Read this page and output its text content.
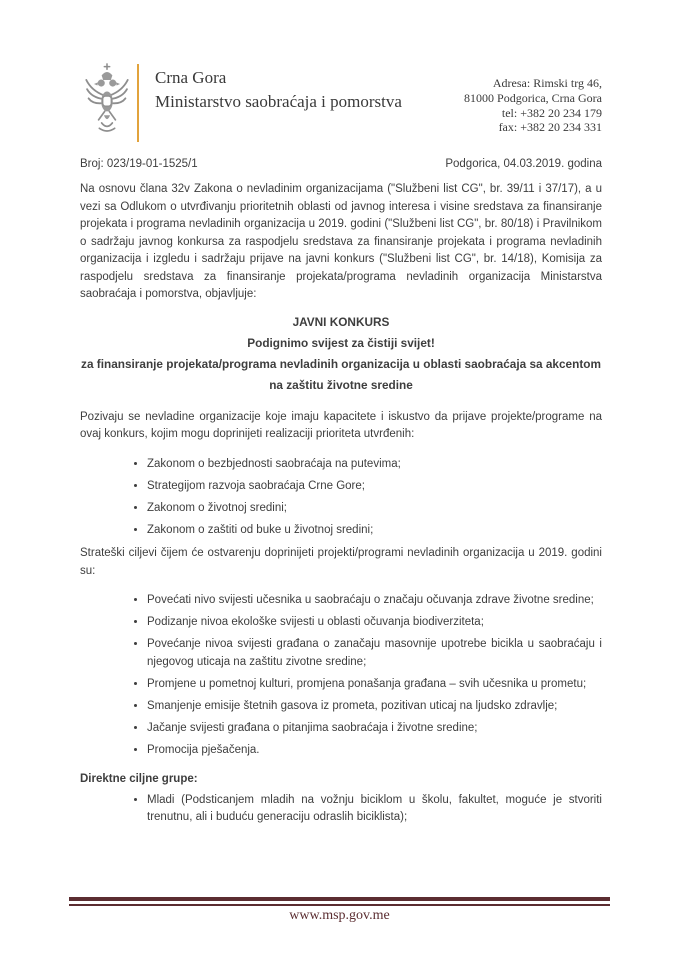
Crna Gora
Ministarstvo saobraćaja i pomorstva
Adresa: Rimski trg 46,
81000 Podgorica, Crna Gora
tel: +382 20 234 179
fax: +382 20 234 331
Broj: 023/19-01-1525/1	Podgorica, 04.03.2019. godina

Na osnovu člana 32v Zakona o nevladinim organizacijama ("Službeni list CG", br. 39/11 i 37/17), a u vezi sa Odlukom o utvrđivanju prioritetnih oblasti od javnog interesa i visine sredstava za finansiranje projekata i programa nevladinih organizacija u 2019. godini ("Službeni list CG", br. 80/18) i Pravilnikom o sadržaju javnog konkursa za raspodjelu sredstava za finansiranje projekata i programa nevladinih organizacija i izgledu i sadržaju prijave na javni konkurs ("Službeni list CG", br. 14/18), Komisija za raspodjelu sredstava za finansiranje projekata/programa nevladinih organizacija Ministarstva saobraćaja i pomorstva, objavljuje:

JAVNI KONKURS
Podignimo svijest za čistiji svijet!
za finansiranje projekata/programa nevladinih organizacija u oblasti saobraćaja sa akcentom na zaštitu životne sredine

Pozivaju se nevladine organizacije koje imaju kapacitete i iskustvo da prijave projekte/programe na ovaj konkurs, kojim mogu doprinijeti realizaciji prioriteta utvrđenih:

• Zakonom o bezbjednosti saobraćaja na putevima;
• Strategijom razvoja saobraćaja Crne Gore;
• Zakonom o životnoj sredini;
• Zakonom o zaštiti od buke u životnoj sredini;

Strateški ciljevi čijem će ostvarenju doprinijeti projekti/programi nevladinih organizacija u 2019. godini su:

• Povećati nivo svijesti učesnika u saobraćaju o značaju očuvanja zdrave životne sredine;
• Podizanje nivoa ekološke svijesti u oblasti očuvanja biodiverziteta;
• Povećanje nivoa svijesti građana o zanačaju masovnije upotrebe bicikla u saobraćaju i njegovog uticaja na zaštitu zivotne sredine;
• Promjene u pometnoj kulturi, promjena ponašanja građana – svih učesnika u prometu;
• Smanjenje emisije štetnih gasova iz prometa, pozitivan uticaj na ljudsko zdravlje;
• Jačanje svijesti građana o pitanjima saobraćaja i životne sredine;
• Promocija pješačenja.

Direktne ciljne grupe:

• Mladi (Podsticanjem mladih na vožnju biciklom u školu, fakultet, moguće je stvoriti trenutnu, ali i buduću generaciju odraslih biciklista);
www.msp.gov.me
